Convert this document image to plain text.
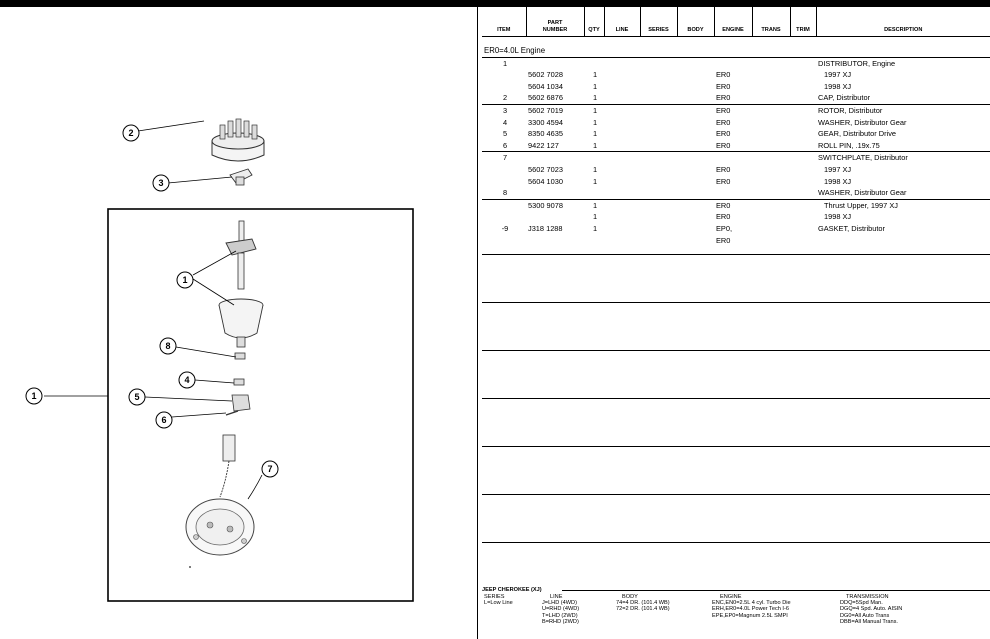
2
3
1
8
4
5
6
7
1
ITEM	PART
NUMBER	QTY	LINE	SERIES	BODY	ENGINE	TRANS	TRIM	DESCRIPTION
ER0=4.0L Engine									
1									DISTRIBUTOR, Engine
	5602 7028	1				ER0			1997 XJ
	5604 1034	1				ER0			1998 XJ
2	5602 6876	1				ER0			CAP, Distributor
3	5602 7019	1				ER0			ROTOR, Distributor
4	3300 4594	1				ER0			WASHER, Distributor Gear
5	8350 4635	1				ER0			GEAR, Distributor Drive
6	9422 127	1				ER0			ROLL PIN, .19x.75
7									SWITCHPLATE, Distributor
	5602 7023	1				ER0			1997 XJ
	5604 1030	1				ER0			1998 XJ
8									WASHER, Distributor Gear
	5300 9078	1				ER0			Thrust Upper, 1997 XJ
		1				ER0			1998 XJ
-9	J318 1288	1				EP0,			GASKET, Distributor
						ER0			
JEEP CHEROKEE (XJ)
SERIES
L=Low Line
LINE
J=LHD (4WD)
U=RHD (4WD)
T=LHD (2WD)
B=RHD (2WD)
BODY
74=4 DR. (101.4 WB)
72=2 DR. (101.4 WB)
ENGINE
ENC,EN0=2.5L 4 cyl. Turbo Die
ERH,ER0=4.0L Power Tech I-6
EPE,EP0=Magnum 2.5L SMPI
TRANSMISSION
DDQ=5Spd Man.
DGQ=4 Spd. Auto. AISIN
DG0=All Auto Trans
DBB=All Manual Trans.
